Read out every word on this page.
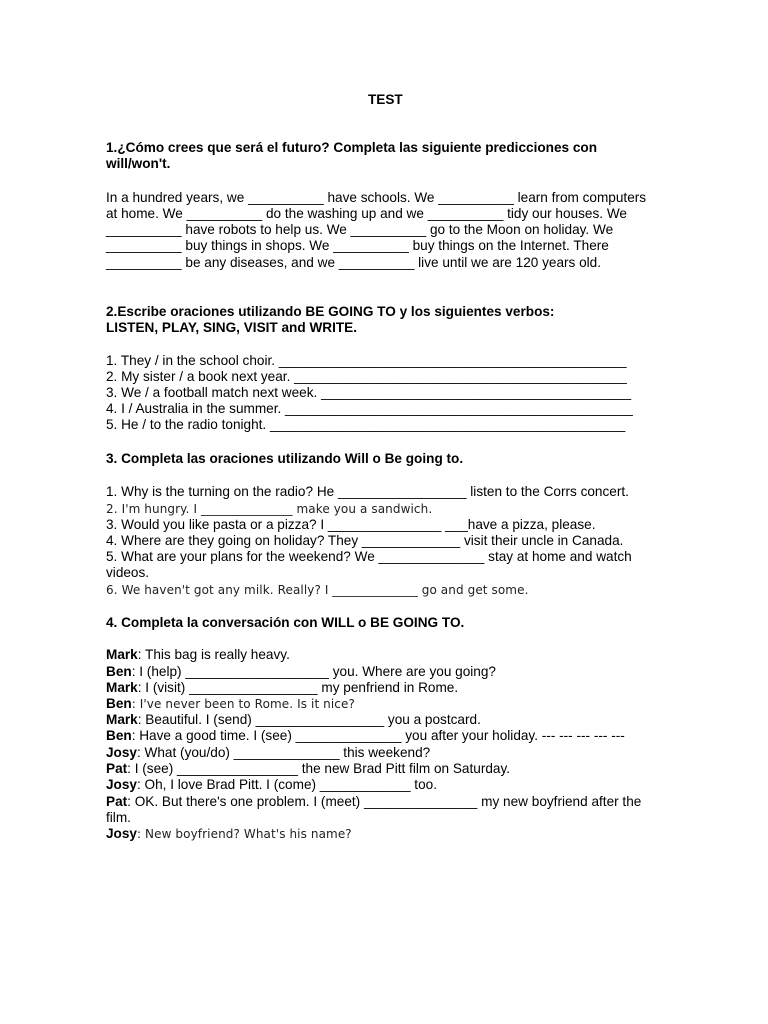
TEST
1.¿Cómo crees que será el futuro? Completa las siguiente predicciones con
will/won't.
In a hundred years, we __________ have schools. We __________ learn from computers
at home. We __________ do the washing up and we __________ tidy our houses. We
__________ have robots to help us. We __________ go to the Moon on holiday. We
__________ buy things in shops. We __________ buy things on the Internet. There
__________ be any diseases, and we __________ live until we are 120 years old.
2.Escribe oraciones utilizando BE GOING TO y los siguientes verbos:
LISTEN, PLAY, SING, VISIT and WRITE.
1. They / in the school choir. ______________________________________________
2. My sister / a book next year. ____________________________________________
3. We / a football match next week. _________________________________________
4. I / Australia in the summer. ______________________________________________
5. He / to the radio tonight. _______________________________________________
3. Completa las oraciones utilizando Will o Be going to.
1. Why is the turning on the radio? He _________________ listen to the Corrs concert.
2. I'm hungry. I _______________ make you a sandwich.
3. Would you like pasta or a pizza? I _______________ ___have a pizza, please.
4. Where are they going on holiday? They _____________ visit their uncle in Canada.
5. What are your plans for the weekend? We ______________ stay at home and watch
videos.
6. We haven't got any milk. Really? I ______________ go and get some.
4. Completa la conversación con WILL o BE GOING TO.
Mark: This bag is really heavy.
Ben: I (help) ___________________ you. Where are you going?
Mark: I (visit) _________________ my penfriend in Rome.
Ben: I've never been to Rome. Is it nice?
Mark: Beautiful. I (send) _________________ you a postcard.
Ben: Have a good time. I (see) ______________ you after your holiday. --- --- --- --- ---
Josy: What (you/do) ______________ this weekend?
Pat: I (see) ________________ the new Brad Pitt film on Saturday.
Josy: Oh, I love Brad Pitt. I (come) ____________ too.
Pat: OK. But there's one problem. I (meet) _______________ my new boyfriend after the
film.
Josy: New boyfriend? What's his name?
